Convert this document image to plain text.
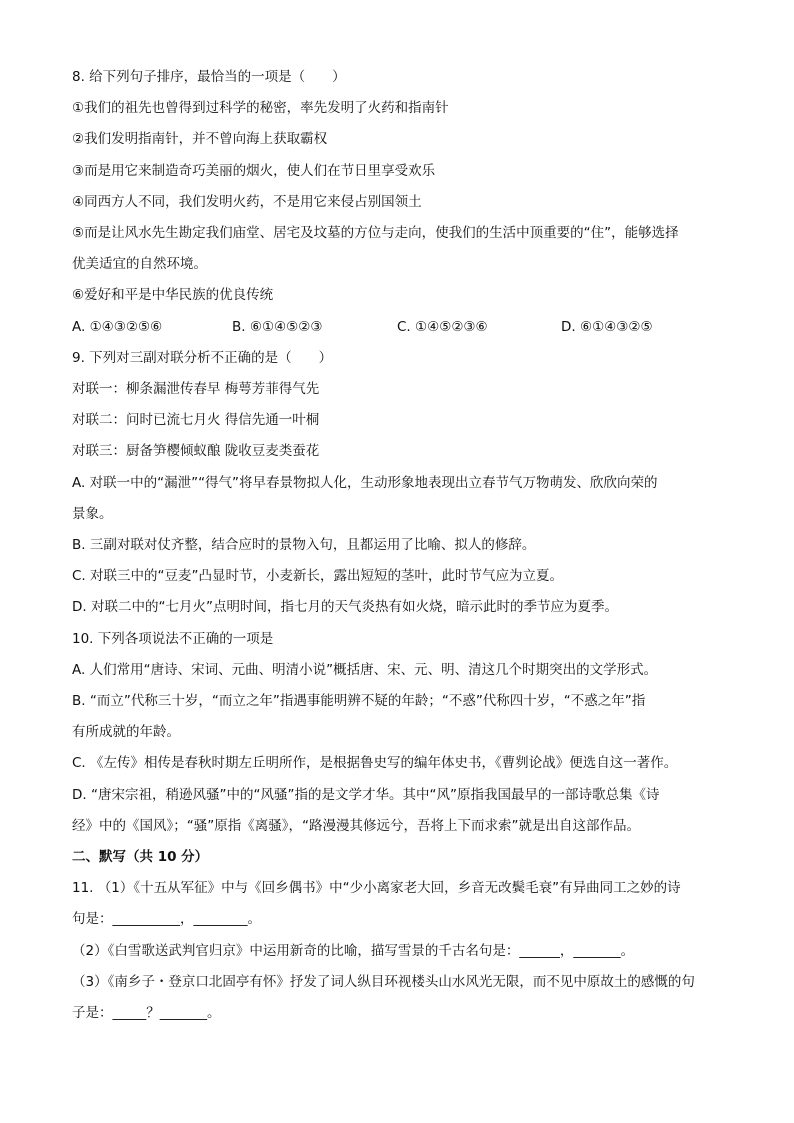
8. 给下列句子排序，最恰当的一项是（　　）
①我们的祖先也曾得到过科学的秘密，率先发明了火药和指南针
②我们发明指南针，并不曾向海上获取霸权
③而是用它来制造奇巧美丽的烟火，使人们在节日里享受欢乐
④同西方人不同，我们发明火药，不是用它来侵占别国领土
⑤而是让风水先生勘定我们庙堂、居宅及坟墓的方位与走向，使我们的生活中顶重要的“住”，能够选择
优美适宜的自然环境。
⑥爱好和平是中华民族的优良传统
A. ①④③②⑤⑥	B. ⑥①④⑤②③	C. ①④⑤②③⑥	D. ⑥①④③②⑤
9. 下列对三副对联分析不正确的是（　　）
对联一：柳条漏泄传春早 梅萼芳菲得气先
对联二：问时已流七月火 得信先通一叶桐
对联三：厨备笋樱倾蚁酿 陇收豆麦类蚕花
A. 对联一中的“漏泄”“得气”将早春景物拟人化，生动形象地表现出立春节气万物萌发、欣欣向荣的
景象。
B. 三副对联对仗齐整，结合应时的景物入句，且都运用了比喻、拟人的修辞。
C. 对联三中的“豆麦”凸显时节，小麦新长，露出短短的茎叶，此时节气应为立夏。
D. 对联二中的“七月火”点明时间，指七月的天气炎热有如火烧，暗示此时的季节应为夏季。
10. 下列各项说法不正确的一项是
A. 人们常用“唐诗、宋词、元曲、明清小说”概括唐、宋、元、明、清这几个时期突出的文学形式。
B. “而立”代称三十岁，“而立之年”指遇事能明辨不疑的年龄；“不惑”代称四十岁，“不惑之年”指
有所成就的年龄。
C. 《左传》相传是春秋时期左丘明所作，是根据鲁史写的编年体史书，《曹刿论战》便选自这一著作。
D. “唐宋宗祖，稍逊风骚”中的“风骚”指的是文学才华。其中“风”原指我国最早的一部诗歌总集《诗
经》中的《国风》；“骚”原指《离骚》，“路漫漫其修远兮，吾将上下而求索”就是出自这部作品。
二、默写（共 10 分）
11. （1）《十五从军征》中与《回乡偶书》中“少小离家老大回，乡音无改鬓毛衰”有异曲同工之妙的诗
句是：__________，________。
（2）《白雪歌送武判官归京》中运用新奇的比喻，描写雪景的千古名句是：______，_______。
（3）《南乡子・登京口北固亭有怀》抒发了词人纵目环视楼头山水风光无限，而不见中原故土的感慨的句
子是：_____？_______。
